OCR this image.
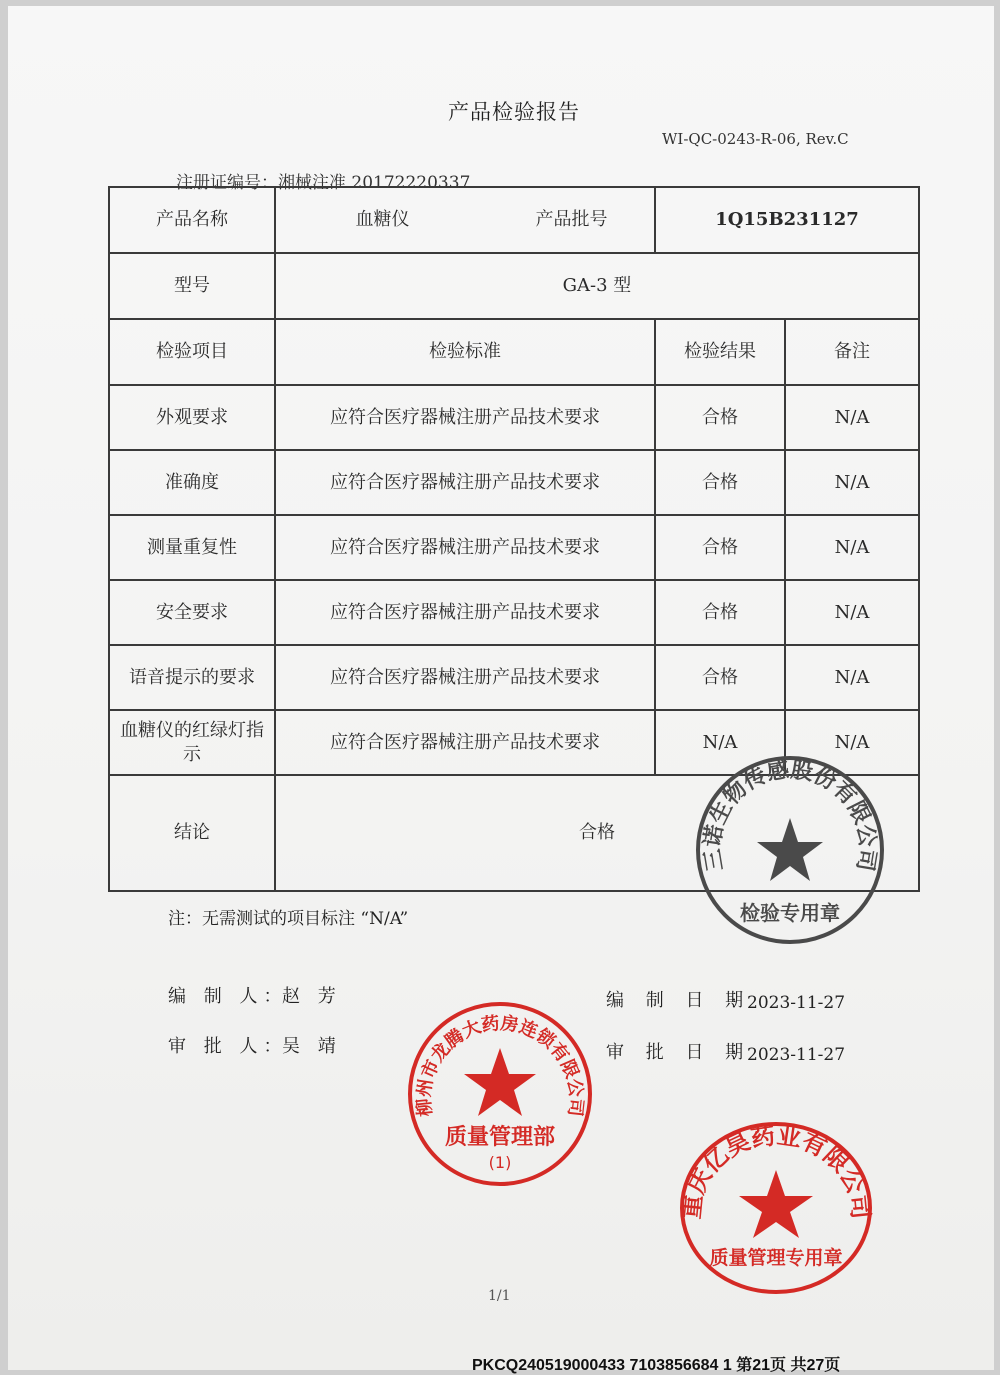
产品检验报告
WI-QC-0243-R-06, Rev.C
注册证编号：湘械注准 20172220337
产品名称	血糖仪	产品批号	1Q15B231127	
型号	GA-3 型			
检验项目	检验标准		检验结果	备注
外观要求	应符合医疗器械注册产品技术要求		合格	N/A
准确度	应符合医疗器械注册产品技术要求		合格	N/A
测量重复性	应符合医疗器械注册产品技术要求		合格	N/A
安全要求	应符合医疗器械注册产品技术要求		合格	N/A
语音提示的要求	应符合医疗器械注册产品技术要求		合格	N/A
血糖仪的红绿灯指示	应符合医疗器械注册产品技术要求		N/A	N/A
结论	合格			
注：无需测试的项目标注 “N/A”
编 制 人：
赵 芳
审 批 人：
吴 靖
编 制 日 期
：2023-11-27
审 批 日 期
：2023-11-27
三诺生物传感股份有限公司
检验专用章
柳州市龙腾大药房连锁有限公司
质量管理部
(1)
重庆亿昊药业有限公司
质量管理专用章
1/1
PKCQ240519000433 7103856684 1 第21页 共27页
